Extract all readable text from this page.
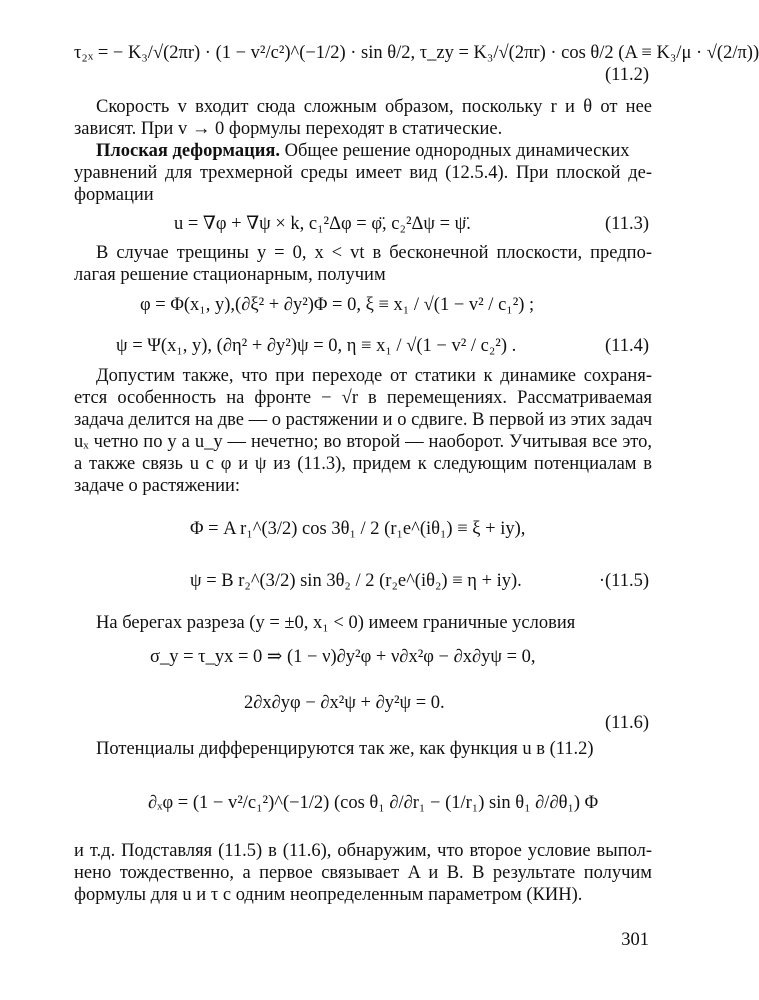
τ₂ₓ = − K₃/√(2πr) · (1 − v²/c²)^(−1/2) · sin θ/2, τ_zy = K₃/√(2πr) · cos θ/2 (A ≡ K₃/μ · √(2/π))
(11.2)
Скорость v входит сюда сложным образом, поскольку r и θ от нее
зависят. При v → 0 формулы переходят в статические.
Плоская деформация. Общее решение однородных динамических
уравнений для трехмерной среды имеет вид (12.5.4). При плоской де-
формации
u = ∇φ + ∇ψ × k, c₁²Δφ = φ̈, c₂²Δψ = ψ̈.	(11.3)
В случае трещины y = 0, x < vt в бесконечной плоскости, предпо-
лагая решение стационарным, получим
φ = Φ(x₁, y),(∂ξ² + ∂y²)Φ = 0, ξ ≡ x₁ / √(1 − v² / c₁²) ;
ψ = Ψ(x₁, y), (∂η² + ∂y²)ψ = 0, η ≡ x₁ / √(1 − v² / c₂²) .	(11.4)
Допустим также, что при переходе от статики к динамике сохраня-
ется особенность на фронте − √r в перемещениях. Рассматриваемая
задача делится на две — о растяжении и о сдвиге. В первой из этих задач
uₓ четно по y а u_y — нечетно; во второй — наоборот. Учитывая все это,
а также связь u с φ и ψ из (11.3), придем к следующим потенциалам в
задаче о растяжении:
Φ = A r₁^(3/2) cos 3θ₁ / 2 (r₁e^(iθ₁) ≡ ξ + iy),
ψ = B r₂^(3/2) sin 3θ₂ / 2 (r₂e^(iθ₂) ≡ η + iy).	·(11.5)
На берегах разреза (y = ±0, x₁ < 0) имеем граничные условия
σ_y = τ_yx = 0 ⇒ (1 − ν)∂y²φ + ν∂x²φ − ∂x∂yψ = 0,
2∂x∂yφ − ∂x²ψ + ∂y²ψ = 0.
(11.6)
Потенциалы дифференцируются так же, как функция u в (11.2)
∂ₓφ = (1 − v²/c₁²)^(−1/2) (cos θ₁ ∂/∂r₁ − (1/r₁) sin θ₁ ∂/∂θ₁) Φ
и т.д. Подставляя (11.5) в (11.6), обнаружим, что второе условие выпол-
нено тождественно, а первое связывает A и B. B результате получим
формулы для u и τ с одним неопределенным параметром (КИН).
301
